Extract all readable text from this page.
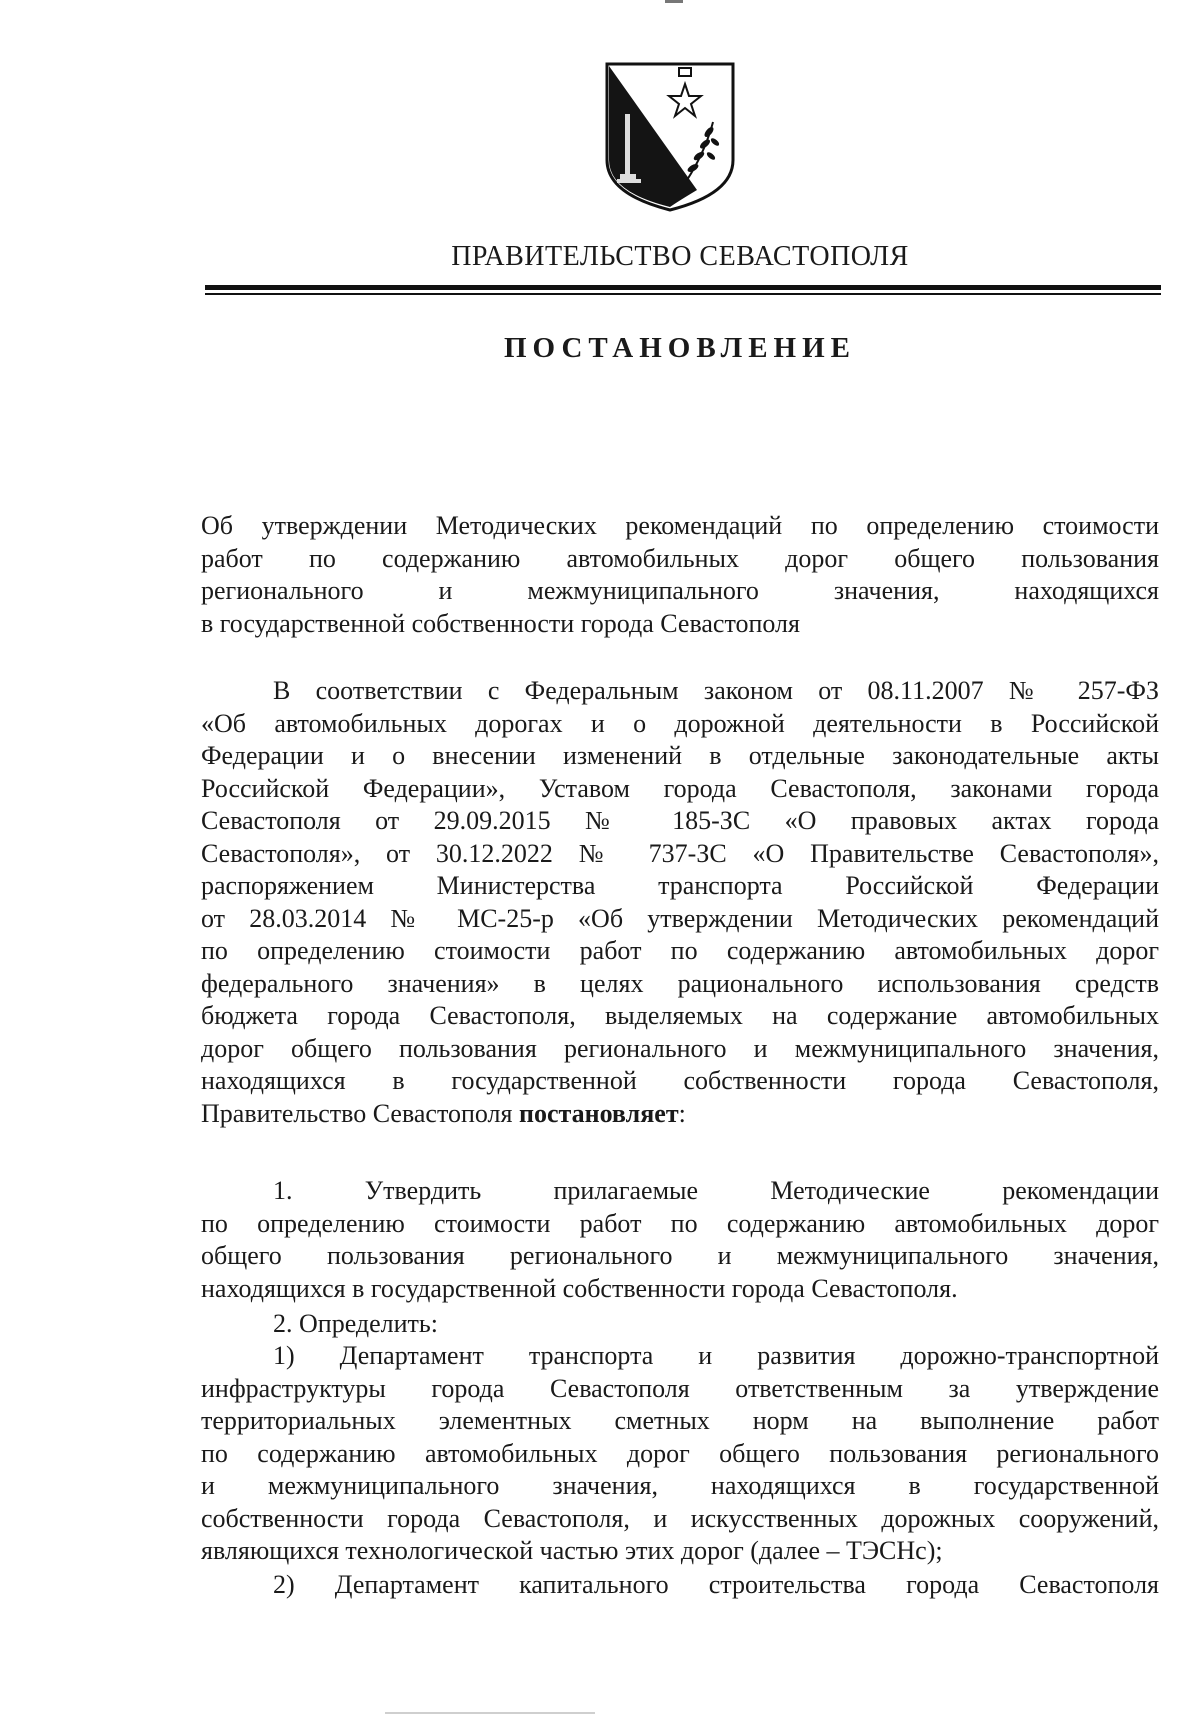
ПРАВИТЕЛЬСТВО СЕВАСТОПОЛЯ
ПОСТАНОВЛЕНИЕ
Об утверждении Методических рекомендаций по определению стоимости
работ по содержанию автомобильных дорог общего пользования
регионального и межмуниципального значения, находящихся
в государственной собственности города Севастополя
В соответствии с Федеральным законом от 08.11.2007 № 257-ФЗ
«Об автомобильных дорогах и о дорожной деятельности в Российской
Федерации и о внесении изменений в отдельные законодательные акты
Российской Федерации», Уставом города Севастополя, законами города
Севастополя от 29.09.2015 № 185-ЗС «О правовых актах города
Севастополя», от 30.12.2022 № 737-ЗС «О Правительстве Севастополя»,
распоряжением Министерства транспорта Российской Федерации
от 28.03.2014 № МС-25-р «Об утверждении Методических рекомендаций
по определению стоимости работ по содержанию автомобильных дорог
федерального значения» в целях рационального использования средств
бюджета города Севастополя, выделяемых на содержание автомобильных
дорог общего пользования регионального и межмуниципального значения,
находящихся в государственной собственности города Севастополя,
Правительство Севастополя постановляет:
1. Утвердить прилагаемые Методические рекомендации
по определению стоимости работ по содержанию автомобильных дорог
общего пользования регионального и межмуниципального значения,
находящихся в государственной собственности города Севастополя.
2. Определить:
1) Департамент транспорта и развития дорожно-транспортной
инфраструктуры города Севастополя ответственным за утверждение
территориальных элементных сметных норм на выполнение работ
по содержанию автомобильных дорог общего пользования регионального
и межмуниципального значения, находящихся в государственной
собственности города Севастополя, и искусственных дорожных сооружений,
являющихся технологической частью этих дорог (далее – ТЭСНс);
2) Департамент капитального строительства города Севастополя
